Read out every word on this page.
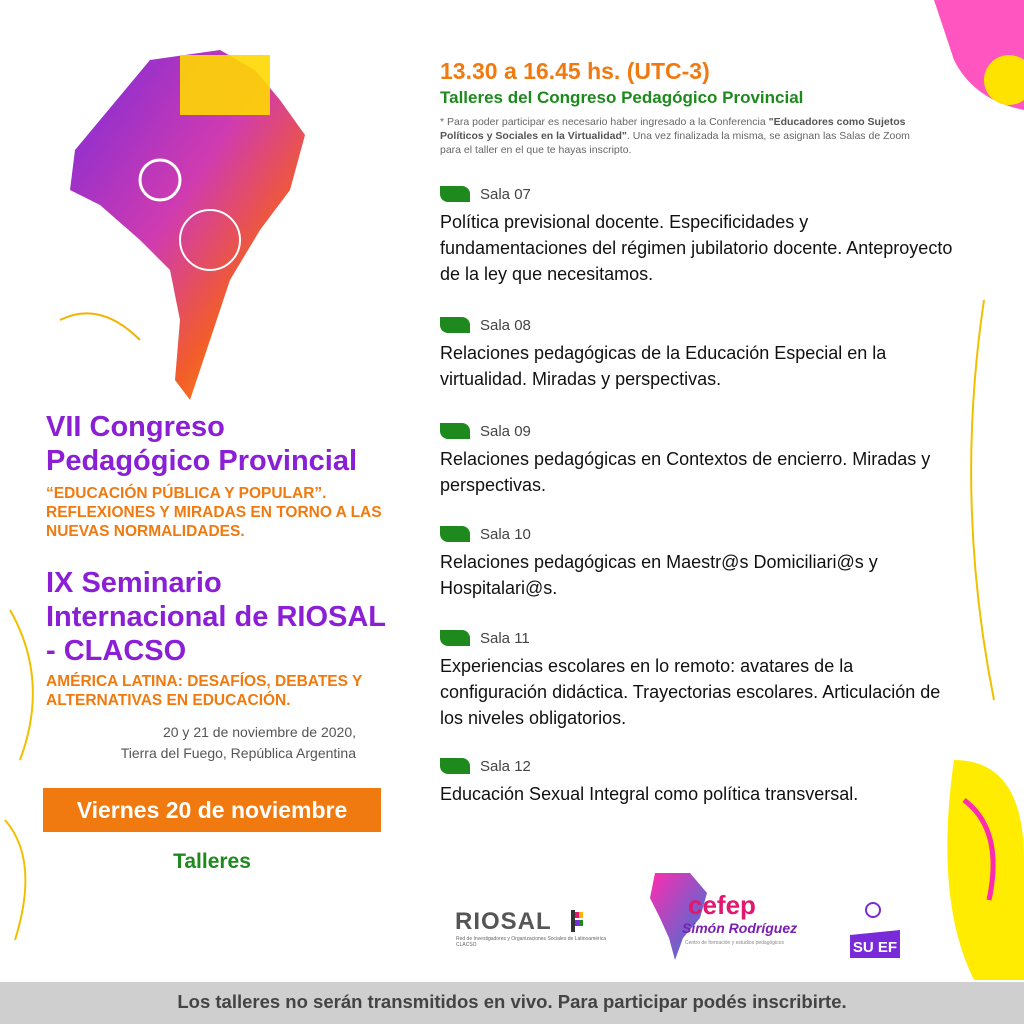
VII Congreso Pedagógico Provincial
“EDUCACIÓN PÚBLICA Y POPULAR”. REFLEXIONES Y MIRADAS EN TORNO A LAS NUEVAS NORMALIDADES.
IX Seminario Internacional de RIOSAL - CLACSO
AMÉRICA LATINA: DESAFÍOS, DEBATES Y ALTERNATIVAS EN EDUCACIÓN.
20 y 21 de noviembre de 2020,
Tierra del Fuego, República Argentina
Viernes 20 de noviembre
Talleres
13.30 a 16.45 hs. (UTC-3)
Talleres del Congreso Pedagógico Provincial
* Para poder participar es necesario haber ingresado a la Conferencia "Educadores como Sujetos Políticos y Sociales en la Virtualidad". Una vez finalizada la misma, se asignan las Salas de Zoom para el taller en el que te hayas inscripto.
Sala 07
Política previsional docente. Especificidades y fundamentaciones del régimen jubilatorio docente. Anteproyecto de la ley que necesitamos.
Sala 08
Relaciones pedagógicas de la Educación Especial en la virtualidad. Miradas y perspectivas.
Sala 09
Relaciones pedagógicas en Contextos de encierro. Miradas y perspectivas.
Sala 10
Relaciones pedagógicas en Maestr@s Domiciliari@s y Hospitalari@s.
Sala 11
Experiencias escolares en lo remoto: avatares de la configuración didáctica. Trayectorias escolares. Articulación de los niveles obligatorios.
Sala 12
Educación Sexual Integral como política transversal.
RIOSAL
Red de Investigadores y Organizaciones Sociales de Latinoamérica CLACSO
cefep
Simón Rodríguez
Centro de formación y estudios pedagógicos	SU EF
Los talleres no serán transmitidos en vivo. Para participar podés inscribirte.
